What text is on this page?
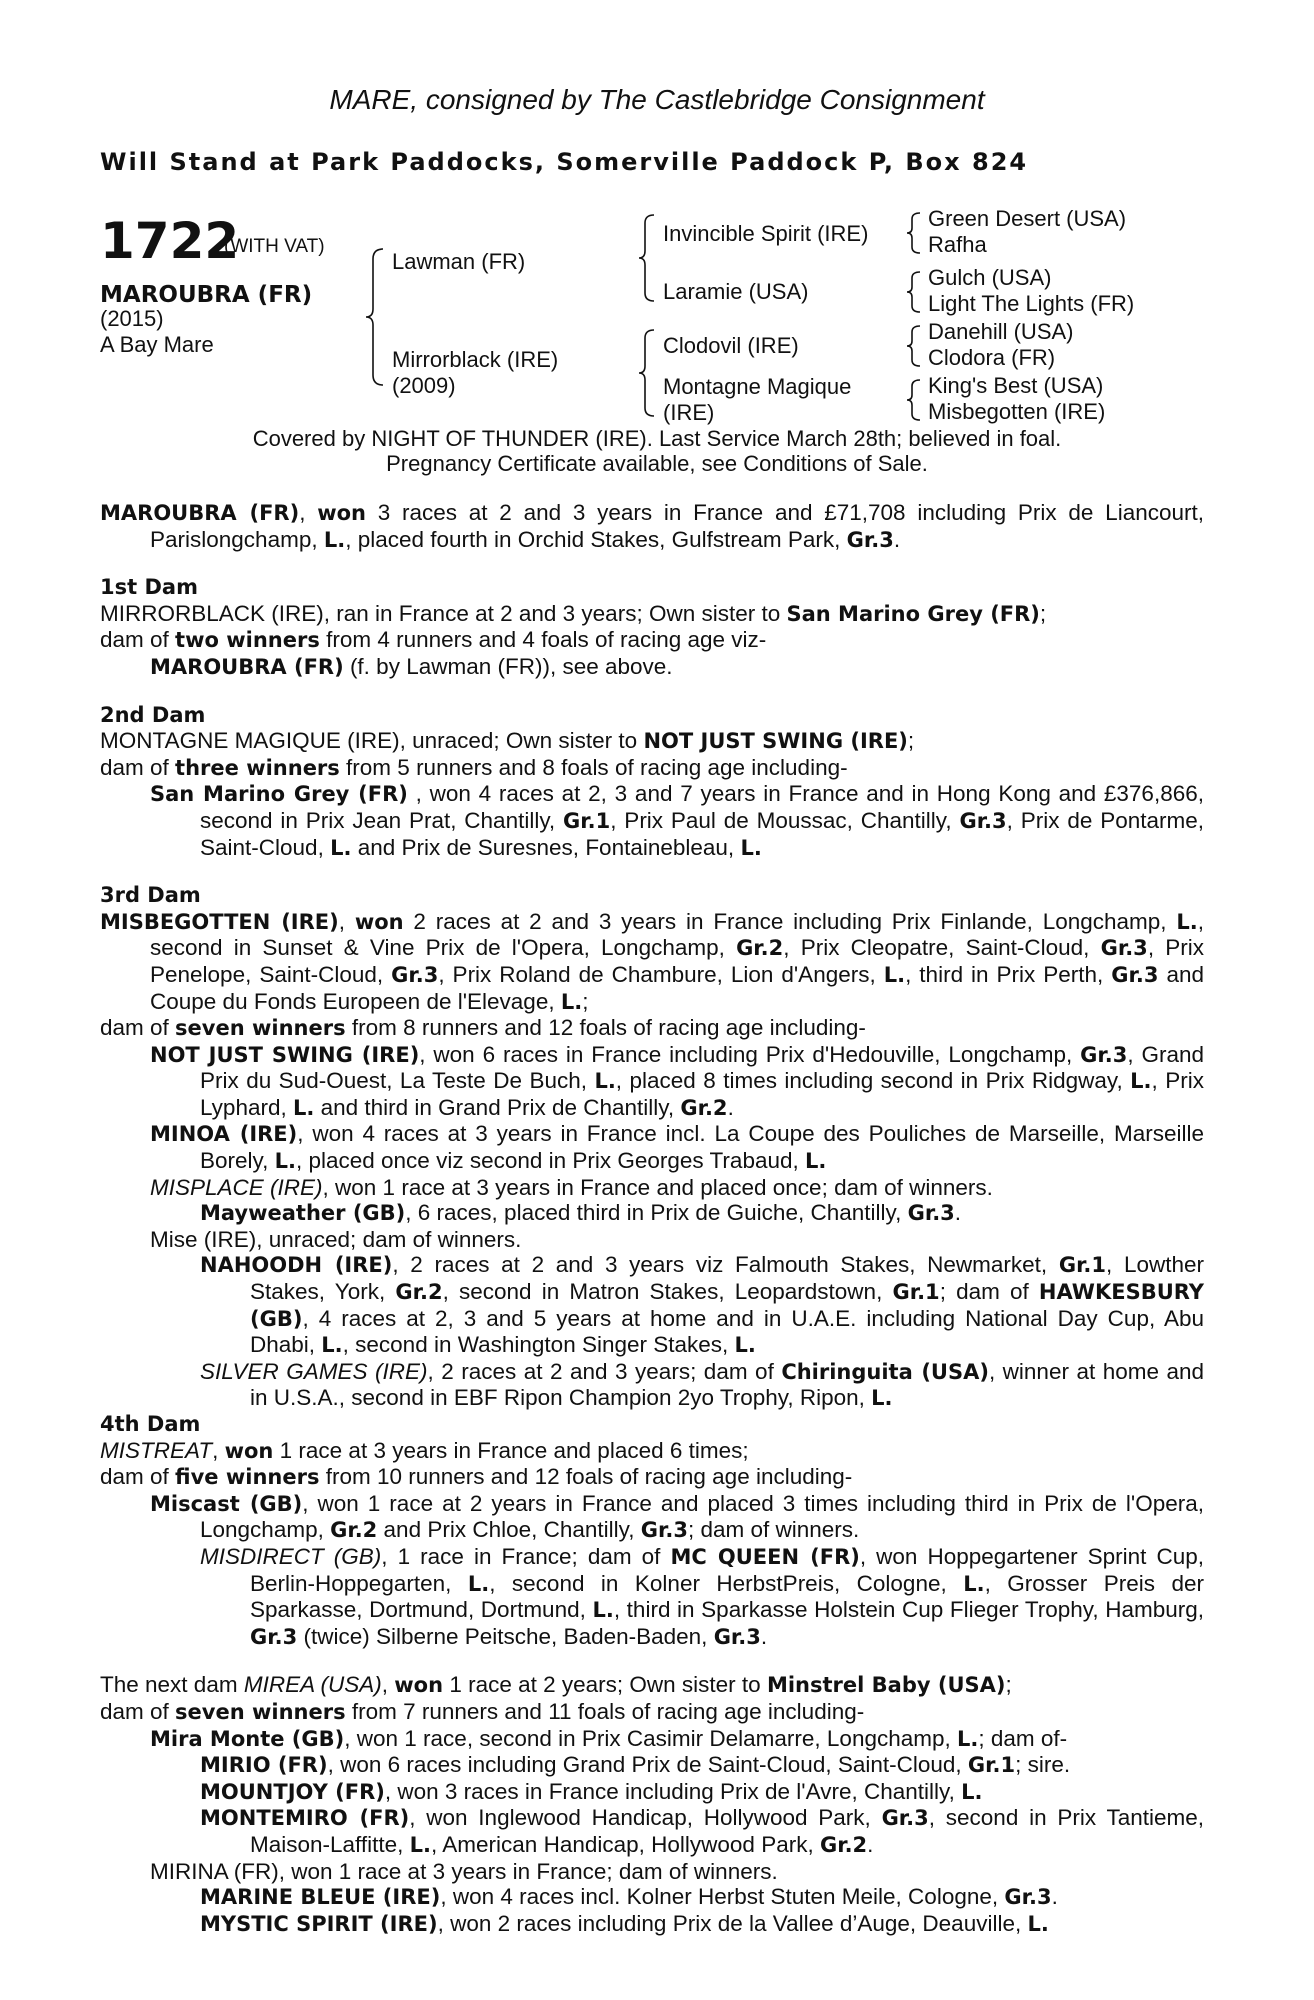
MARE, consigned by The Castlebridge Consignment
Will Stand at Park Paddocks, Somerville Paddock P, Box 824
1722
(WITH VAT)
MAROUBRA (FR)
(2015)
A Bay Mare
Lawman (FR)
Mirrorblack (IRE)
(2009)
Invincible Spirit (IRE)
Laramie (USA)
Clodovil (IRE)
Montagne Magique
(IRE)
Green Desert (USA)
Rafha
Gulch (USA)
Light The Lights (FR)
Danehill (USA)
Clodora (FR)
King's Best (USA)
Misbegotten (IRE)
Covered by NIGHT OF THUNDER (IRE). Last Service March 28th; believed in foal.
Pregnancy Certificate available, see Conditions of Sale.

MAROUBRA (FR), won 3 races at 2 and 3 years in France and £71,708 including Prix de Liancourt, Parislongchamp, L., placed fourth in Orchid Stakes, Gulfstream Park, Gr.3.

1st Dam

MIRRORBLACK (IRE), ran in France at 2 and 3 years; Own sister to San Marino Grey (FR);

dam of two winners from 4 runners and 4 foals of racing age viz-

MAROUBRA (FR) (f. by Lawman (FR)), see above.

2nd Dam

MONTAGNE MAGIQUE (IRE), unraced; Own sister to NOT JUST SWING (IRE);

dam of three winners from 5 runners and 8 foals of racing age including-

San Marino Grey (FR) , won 4 races at 2, 3 and 7 years in France and in Hong Kong and £376,866, second in Prix Jean Prat, Chantilly, Gr.1, Prix Paul de Moussac, Chantilly, Gr.3, Prix de Pontarme, Saint-Cloud, L. and Prix de Suresnes, Fontainebleau, L.

3rd Dam

MISBEGOTTEN (IRE), won 2 races at 2 and 3 years in France including Prix Finlande, Longchamp, L., second in Sunset & Vine Prix de l'Opera, Longchamp, Gr.2, Prix Cleopatre, Saint-Cloud, Gr.3, Prix Penelope, Saint-Cloud, Gr.3, Prix Roland de Chambure, Lion d'Angers, L., third in Prix Perth, Gr.3 and Coupe du Fonds Europeen de l'Elevage, L.;

dam of seven winners from 8 runners and 12 foals of racing age including-

NOT JUST SWING (IRE), won 6 races in France including Prix d'Hedouville, Longchamp, Gr.3, Grand Prix du Sud-Ouest, La Teste De Buch, L., placed 8 times including second in Prix Ridgway, L., Prix Lyphard, L. and third in Grand Prix de Chantilly, Gr.2.

MINOA (IRE), won 4 races at 3 years in France incl. La Coupe des Pouliches de Marseille, Marseille Borely, L., placed once viz second in Prix Georges Trabaud, L.

MISPLACE (IRE), won 1 race at 3 years in France and placed once; dam of winners.

Mayweather (GB), 6 races, placed third in Prix de Guiche, Chantilly, Gr.3.

Mise (IRE), unraced; dam of winners.

NAHOODH (IRE), 2 races at 2 and 3 years viz Falmouth Stakes, Newmarket, Gr.1, Lowther Stakes, York, Gr.2, second in Matron Stakes, Leopardstown, Gr.1; dam of HAWKESBURY (GB), 4 races at 2, 3 and 5 years at home and in U.A.E. including National Day Cup, Abu Dhabi, L., second in Washington Singer Stakes, L.

SILVER GAMES (IRE), 2 races at 2 and 3 years; dam of Chiringuita (USA), winner at home and in U.S.A., second in EBF Ripon Champion 2yo Trophy, Ripon, L.

4th Dam

MISTREAT, won 1 race at 3 years in France and placed 6 times;

dam of five winners from 10 runners and 12 foals of racing age including-

Miscast (GB), won 1 race at 2 years in France and placed 3 times including third in Prix de l'Opera, Longchamp, Gr.2 and Prix Chloe, Chantilly, Gr.3; dam of winners.

MISDIRECT (GB), 1 race in France; dam of MC QUEEN (FR), won Hoppegartener Sprint Cup, Berlin-Hoppegarten, L., second in Kolner HerbstPreis, Cologne, L., Grosser Preis der Sparkasse, Dortmund, Dortmund, L., third in Sparkasse Holstein Cup Flieger Trophy, Hamburg, Gr.3 (twice) Silberne Peitsche, Baden-Baden, Gr.3.

The next dam MIREA (USA), won 1 race at 2 years; Own sister to Minstrel Baby (USA);

dam of seven winners from 7 runners and 11 foals of racing age including-

Mira Monte (GB), won 1 race, second in Prix Casimir Delamarre, Longchamp, L.; dam of-

MIRIO (FR), won 6 races including Grand Prix de Saint-Cloud, Saint-Cloud, Gr.1; sire.

MOUNTJOY (FR), won 3 races in France including Prix de l'Avre, Chantilly, L.

MONTEMIRO (FR), won Inglewood Handicap, Hollywood Park, Gr.3, second in Prix Tantieme, Maison-Laffitte, L., American Handicap, Hollywood Park, Gr.2.

MIRINA (FR), won 1 race at 3 years in France; dam of winners.

MARINE BLEUE (IRE), won 4 races incl. Kolner Herbst Stuten Meile, Cologne, Gr.3.

MYSTIC SPIRIT (IRE), won 2 races including Prix de la Vallee d’Auge, Deauville, L.
